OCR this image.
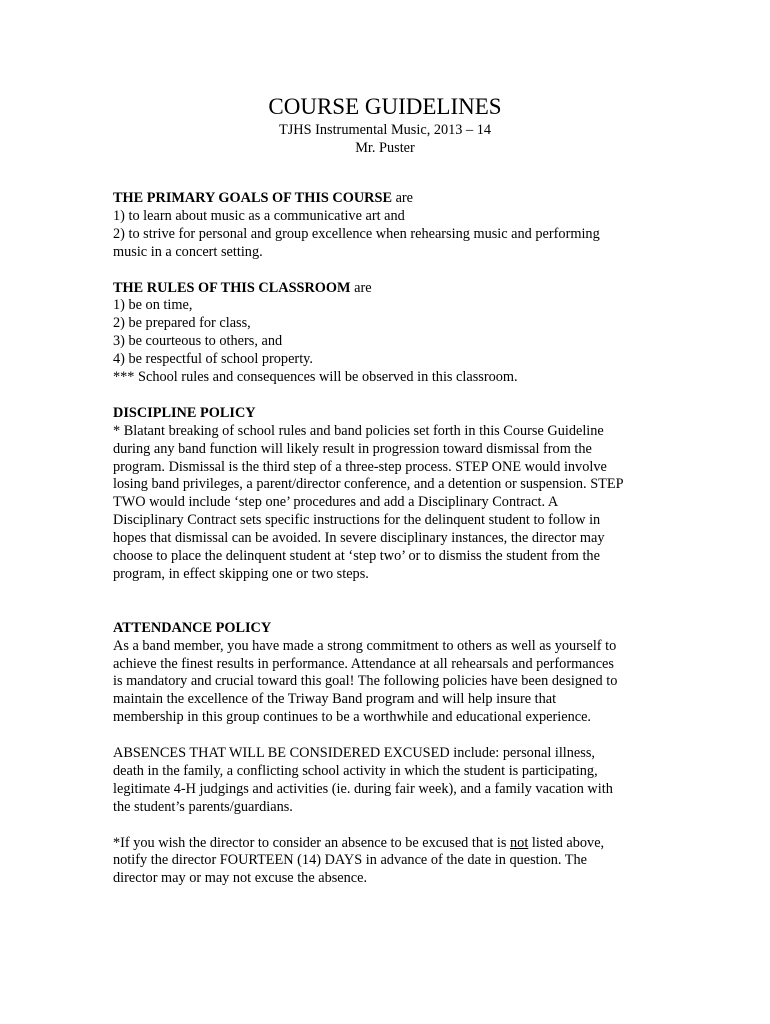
COURSE GUIDELINES

TJHS Instrumental Music, 2013 – 14

Mr. Puster

THE PRIMARY GOALS OF THIS COURSE are

1) to learn about music as a communicative art and

2) to strive for personal and group excellence when rehearsing music and performing

music in a concert setting.

THE RULES OF THIS CLASSROOM are

1) be on time,

2) be prepared for class,

3) be courteous to others, and

4) be respectful of school property.

*** School rules and consequences will be observed in this classroom.

DISCIPLINE POLICY

* Blatant breaking of school rules and band policies set forth in this Course Guideline

during any band function will likely result in progression toward dismissal from the

program. Dismissal is the third step of a three-step process. STEP ONE would involve

losing band privileges, a parent/director conference, and a detention or suspension. STEP

TWO would include ‘step one’ procedures and add a Disciplinary Contract. A

Disciplinary Contract sets specific instructions for the delinquent student to follow in

hopes that dismissal can be avoided. In severe disciplinary instances, the director may

choose to place the delinquent student at ‘step two’ or to dismiss the student from the

program, in effect skipping one or two steps.

ATTENDANCE POLICY

As a band member, you have made a strong commitment to others as well as yourself to

achieve the finest results in performance. Attendance at all rehearsals and performances

is mandatory and crucial toward this goal! The following policies have been designed to

maintain the excellence of the Triway Band program and will help insure that

membership in this group continues to be a worthwhile and educational experience.

ABSENCES THAT WILL BE CONSIDERED EXCUSED include: personal illness,

death in the family, a conflicting school activity in which the student is participating,

legitimate 4-H judgings and activities (ie. during fair week), and a family vacation with

the student’s parents/guardians.

*If you wish the director to consider an absence to be excused that is not listed above,

notify the director FOURTEEN (14) DAYS in advance of the date in question. The

director may or may not excuse the absence.
